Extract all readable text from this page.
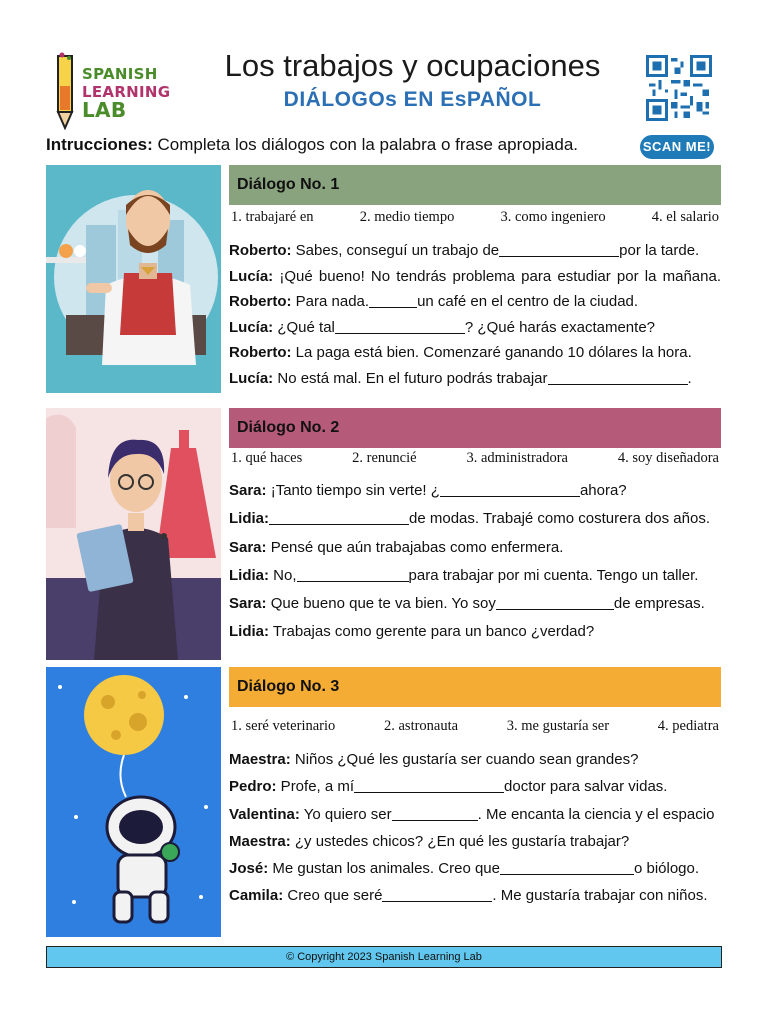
SPANISH
LEARNING
LAB
Los trabajos y ocupaciones
DIÁLOGOs EN EsPAÑOL
SCAN ME!
Intrucciones: Completa los diálogos con la palabra o frase apropiada.
Diálogo No. 1
1. trabajaré en	2. medio tiempo	3. como ingeniero	4. el salario

Roberto: Sabes, conseguí un trabajo de	por la tarde.

Lucía: ¡Qué bueno! No tendrás problema para estudiar por la mañana. Roberto: Para nada.	un café en el centro de la ciudad.

Lucía: ¿Qué tal	? ¿Qué harás exactamente?

Roberto: La paga está bien. Comenzaré ganando 10 dólares la hora.

Lucía: No está mal. En el futuro podrás trabajar	.

Diálogo No. 2
1. qué haces	2. renuncié	3. administradora	4. soy diseñadora

Sara: ¡Tanto tiempo sin verte! ¿	ahora?

Lidia:	de modas. Trabajé como costurera dos años.

Sara: Pensé que aún trabajabas como enfermera.

Lidia: No,	para trabajar por mi cuenta. Tengo un taller.

Sara: Que bueno que te va bien. Yo soy	de empresas.

Lidia: Trabajas como gerente para un banco ¿verdad?

Diálogo No. 3
1. seré veterinario	2. astronauta	3. me gustaría ser	4. pediatra

Maestra: Niños ¿Qué les gustaría ser cuando sean grandes?

Pedro: Profe, a mí	doctor para salvar vidas.

Valentina: Yo quiero ser	. Me encanta la ciencia y el espacio Maestra: ¿y ustedes chicos? ¿En qué les gustaría trabajar?

José: Me gustan los animales. Creo que	o biólogo.

Camila: Creo que seré	. Me gustaría trabajar con niños.

© Copyright 2023 Spanish Learning Lab
